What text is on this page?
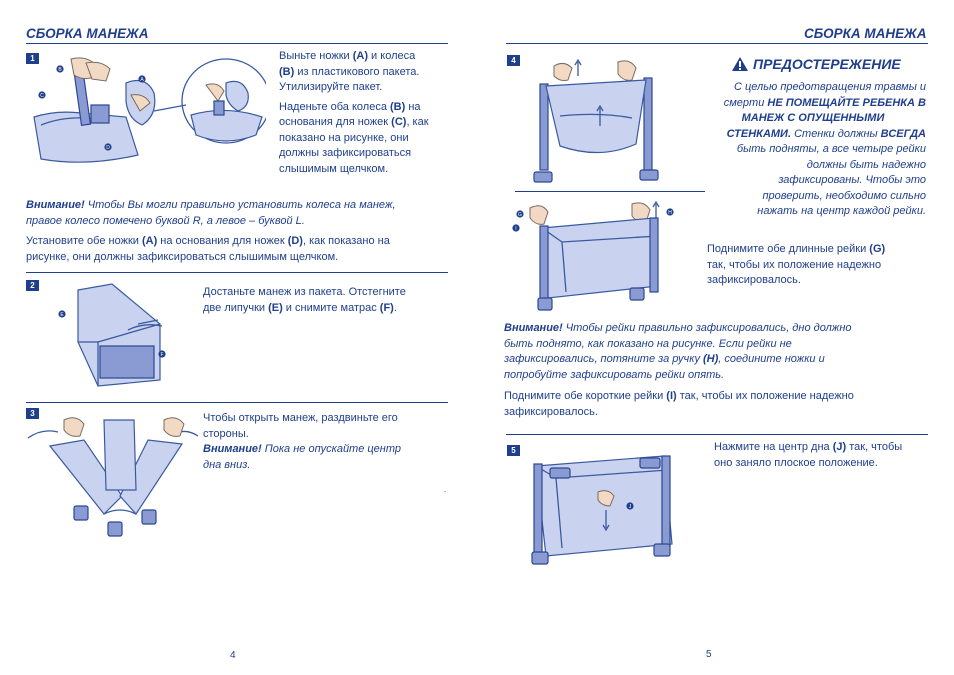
СБОРКА МАНЕЖА
1
B
A
C
D
Выньте ножки (A) и колеса
(B) из пластикового пакета.
Утилизируйте пакет.
Наденьте оба колеса (B) на
основания для ножек (C), как
показано на рисунке, они
должны зафиксироваться
слышимым щелчком.
Внимание! Чтобы Вы могли правильно установить колеса на манеж,
правое колесо помечено буквой R, а левое – буквой L.
Установите обе ножки (A) на основания для ножек (D), как показано на
рисунке, они должны зафиксироваться слышимым щелчком.
2
E
F
Достаньте манеж из пакета. Отстегните
две липучки (E) и снимите матрас (F).
3	Чтобы открыть манеж, раздвиньте его
стороны.
Внимание! Пока не опускайте центр
дна вниз.
.
4
СБОРКА МАНЕЖА
4
G
I
H
ПРЕДОСТЕРЕЖЕНИЕ
С целью предотвращения травмы и
смерти НЕ ПОМЕЩАЙТЕ РЕБЕНКА В
МАНЕЖ С ОПУЩЕННЫМИ
СТЕНКАМИ. Стенки должны ВСЕГДА
быть подняты, а все четыре рейки
должны быть надежно
зафиксированы. Чтобы это
проверить, необходимо сильно
нажать на центр каждой рейки.
Поднимите обе длинные рейки (G)
так, чтобы их положение надежно
зафиксировалось.
Внимание! Чтобы рейки правильно зафиксировались, дно должно
быть поднято, как показано на рисунке. Если рейки не
зафиксировались, потяните за ручку (H), соедините ножки и
попробуйте зафиксировать рейки опять.
Поднимите обе короткие рейки (I) так, чтобы их положение надежно
зафиксировалось.
5
J
Нажмите на центр дна (J) так, чтобы
оно заняло плоское положение.
5
